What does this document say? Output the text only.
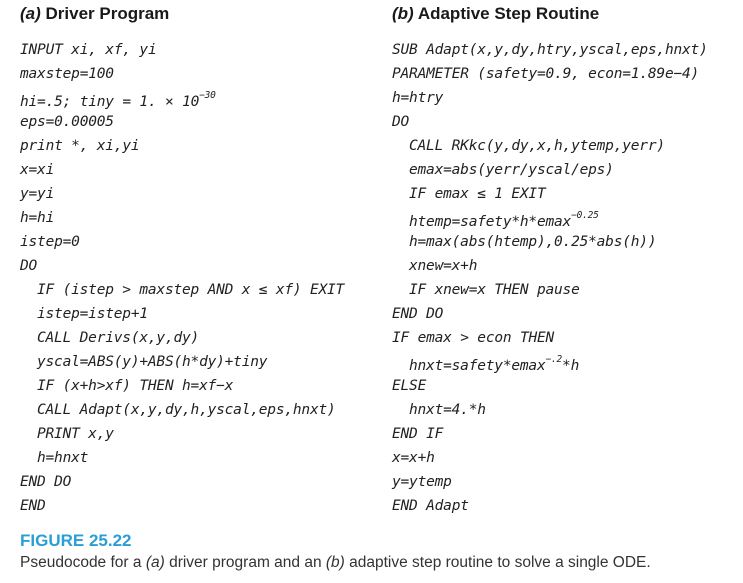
(a) Driver Program
INPUT xi, xf, yi
maxstep=100
hi=.5; tiny = 1. × $10^{-30}$
eps=0.00005
print *, xi,yi
x=xi
y=yi
h=hi
istep=0
DO
IF (istep > maxstep AND x ≤ xf) EXIT
istep=istep+1
CALL Derivs(x,y,dy)
yscal=ABS(y)+ABS(h*dy)+tiny
IF (x+h>xf) THEN h=xf−x
CALL Adapt(x,y,dy,h,yscal,eps,hnxt)
PRINT x,y
h=hnxt
END DO
END
(b) Adaptive Step Routine
SUB Adapt(x,y,dy,htry,yscal,eps,hnxt)
PARAMETER (safety=0.9, econ=1.89e−4)
h=htry
DO
CALL RKkc(y,dy,x,h,ytemp,yerr)
emax=abs(yerr/yscal/eps)
IF emax ≤ 1 EXIT
htemp=safety*h*emax$^{-0.25}$
h=max(abs(htemp),0.25*abs(h))
xnew=x+h
IF xnew=x THEN pause
END DO
IF emax > econ THEN
hnxt=safety*emax$^{-.2}$*h
ELSE
hnxt=4.*h
END IF
x=x+h
y=ytemp
END Adapt
FIGURE 25.22
Pseudocode for a (a) driver program and an (b) adaptive step routine to solve a single ODE.
